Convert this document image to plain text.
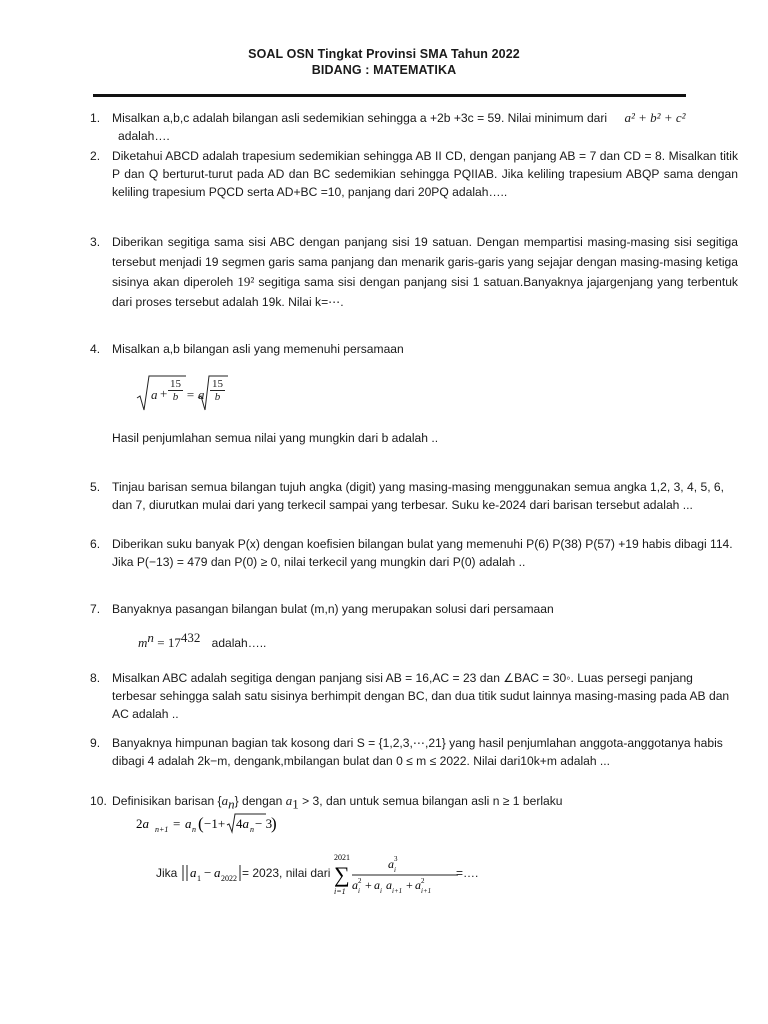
SOAL OSN Tingkat Provinsi SMA Tahun 2022
BIDANG : MATEMATIKA
1. Misalkan a,b,c adalah bilangan asli sedemikian sehingga a +2b +3c = 59. Nilai minimum dari a² + b² + c² adalah….
2. Diketahui ABCD adalah trapesium sedemikian sehingga AB II CD, dengan panjang AB = 7 dan CD = 8. Misalkan titik P dan Q berturut-turut pada AD dan BC sedemikian sehingga PQIIAB. Jika keliling trapesium ABQP sama dengan keliling trapesium PQCD serta AD+BC =10, panjang dari 20PQ adalah…..
3. Diberikan segitiga sama sisi ABC dengan panjang sisi 19 satuan. Dengan mempartisi masing-masing sisi segitiga tersebut menjadi 19 segmen garis sama panjang dan menarik garis-garis yang sejajar dengan masing-masing ketiga sisinya akan diperoleh 19² segitiga sama sisi dengan panjang sisi 1 satuan.Banyaknya jajargenjang yang terbentuk dari proses tersebut adalah 19k. Nilai k=⋯.
4. Misalkan a,b bilangan asli yang memenuhi persamaan
$a + \frac{15}{b} = a \frac{15}{b}$
Hasil penjumlahan semua nilai yang mungkin dari b adalah ..
5. Tinjau barisan semua bilangan tujuh angka (digit) yang masing-masing menggunakan semua angka 1,2, 3, 4, 5, 6, dan 7, diurutkan mulai dari yang terkecil sampai yang terbesar. Suku ke-2024 dari barisan tersebut adalah ...
6. Diberikan suku banyak P(x) dengan koefisien bilangan bulat yang memenuhi P(6) P(38) P(57) +19 habis dibagi 114. Jika P(−13) = 479 dan P(0) ≥ 0, nilai terkecil yang mungkin dari P(0) adalah ..
7. Banyaknya pasangan bilangan bulat (m,n) yang merupakan solusi dari persamaan
$m^n = 17^{432}$ adalah…..
8. Misalkan ABC adalah segitiga dengan panjang sisi AB = 16,AC = 23 dan ∠BAC = 30◦. Luas persegi panjang terbesar sehingga salah satu sisinya berhimpit dengan BC, dan dua titik sudut lainnya masing-masing pada AB dan AC adalah ..
9. Banyaknya himpunan bagian tak kosong dari S = {1,2,3,⋯,21} yang hasil penjumlahan anggota-anggotanya habis dibagi 4 adalah 2k−m, dengank,mbilangan bulat dan 0 ≤ m ≤ 2022. Nilai dari10k+m adalah ...
10. Definisikan barisan $\{a_n\}$ dengan $a_1 > 3$, dan untuk semua bilangan asli n ≥ 1 berlaku
2a n+1 = a n ( −1+ 4a n − 3
)
Jika a 1 − a 2022 = 2023, nilai dari
2021
∑
i=1
a i
3
a i
2 + a i a i+1 + a i+1
2
=….
